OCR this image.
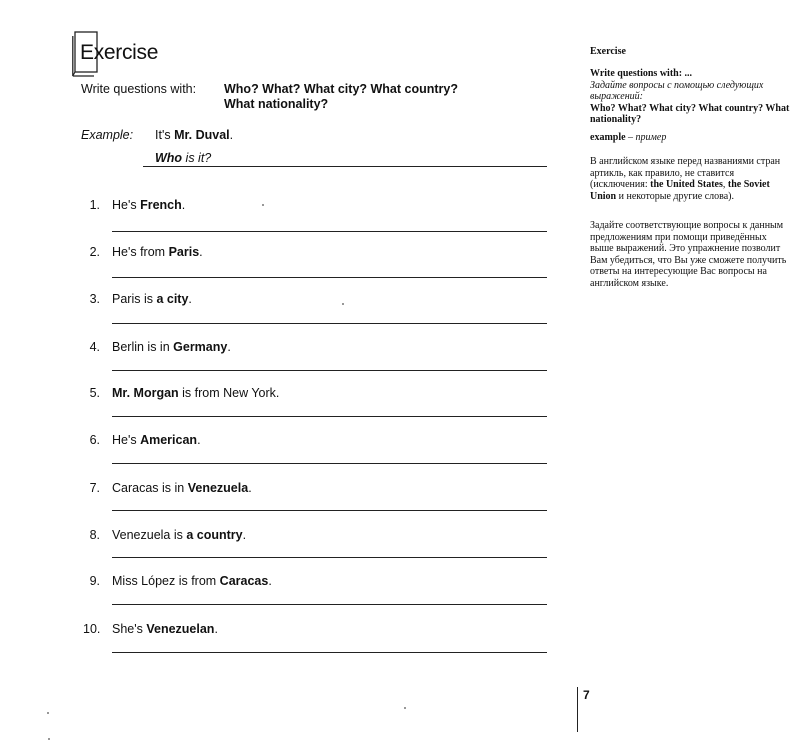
Exercise
Write questions with: Who? What? What city? What country?
What nationality?
Example: It's Mr. Duval.
Who is it?
1. He's French.
2. He's from Paris.
3. Paris is a city.
4. Berlin is in Germany.
5. Mr. Morgan is from New York.
6. He's American.
7. Caracas is in Venezuela.
8. Venezuela is a country.
9. Miss López is from Caracas.
10. She's Venezuelan.
Exercise
Write questions with: ...
Задайте вопросы с помощью следующих выражений:
Who? What? What city? What country? What nationality?
example – пример
В английском языке перед названиями стран артикль, как правило, не ставится (исключения: the United States, the Soviet Union и некоторые другие слова).
Задайте соответствующие вопросы к данным предложениям при помощи приведённых выше выражений. Это упражнение позволит Вам убедиться, что Вы уже сможете получить ответы на интересующие Вас вопросы на английском языке.
7
